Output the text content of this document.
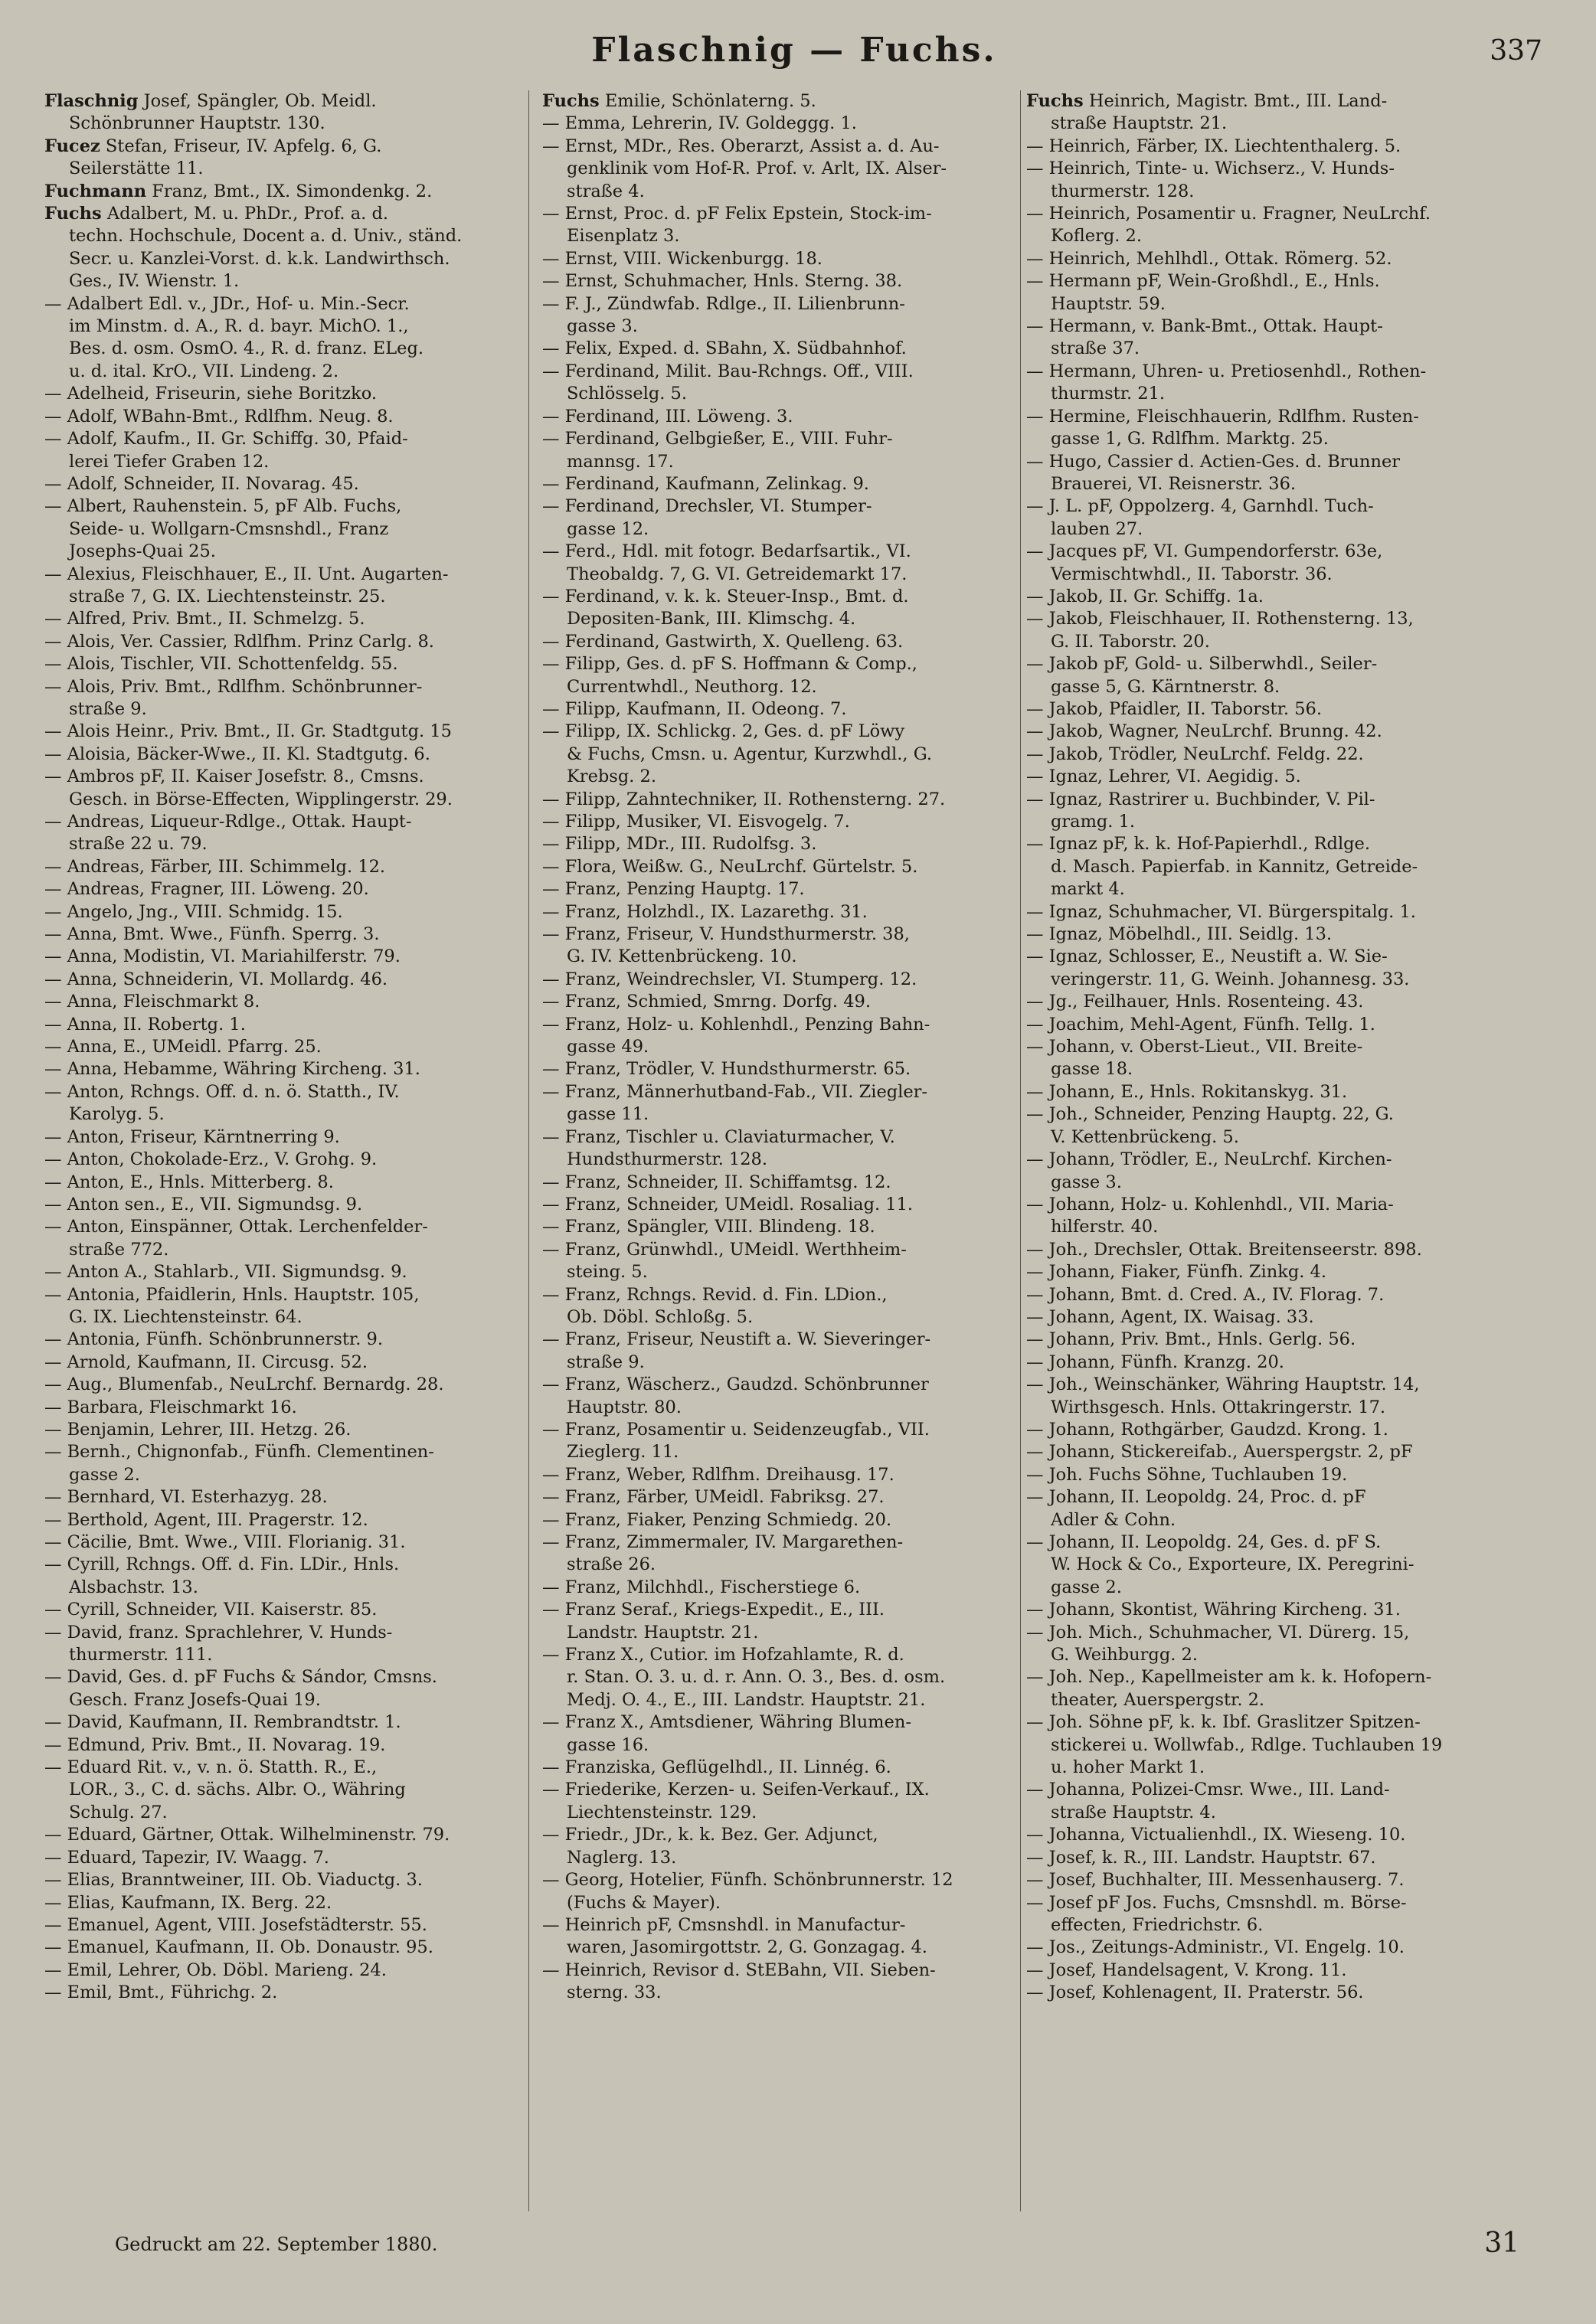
Flaschnig — Fuchs.	337
Flaschnig Josef, Spängler, Ob. Meidl.
Schönbrunner Hauptstr. 130.
Fucez Stefan, Friseur, IV. Apfelg. 6, G.
Seilerstätte 11.
Fuchmann Franz, Bmt., IX. Simondenkg. 2.
Fuchs Adalbert, M. u. PhDr., Prof. a. d.
techn. Hochschule, Docent a. d. Univ., ständ.
Secr. u. Kanzlei-Vorst. d. k.k. Landwirthsch.
Ges., IV. Wienstr. 1.
— Adalbert Edl. v., JDr., Hof- u. Min.-Secr.
im Minstm. d. A., R. d. bayr. MichO. 1.,
Bes. d. osm. OsmO. 4., R. d. franz. ELeg.
u. d. ital. KrO., VII. Lindeng. 2.
— Adelheid, Friseurin, siehe Boritzko.
— Adolf, WBahn-Bmt., Rdlfhm. Neug. 8.
— Adolf, Kaufm., II. Gr. Schiffg. 30, Pfaid-
lerei Tiefer Graben 12.
— Adolf, Schneider, II. Novarag. 45.
— Albert, Rauhenstein. 5, pF Alb. Fuchs,
Seide- u. Wollgarn-Cmsnshdl., Franz
Josephs-Quai 25.
— Alexius, Fleischhauer, E., II. Unt. Augarten-
straße 7, G. IX. Liechtensteinstr. 25.
— Alfred, Priv. Bmt., II. Schmelzg. 5.
— Alois, Ver. Cassier, Rdlfhm. Prinz Carlg. 8.
— Alois, Tischler, VII. Schottenfeldg. 55.
— Alois, Priv. Bmt., Rdlfhm. Schönbrunner-
straße 9.
— Alois Heinr., Priv. Bmt., II. Gr. Stadtgutg. 15
— Aloisia, Bäcker-Wwe., II. Kl. Stadtgutg. 6.
— Ambros pF, II. Kaiser Josefstr. 8., Cmsns.
Gesch. in Börse-Effecten, Wipplingerstr. 29.
— Andreas, Liqueur-Rdlge., Ottak. Haupt-
straße 22 u. 79.
— Andreas, Färber, III. Schimmelg. 12.
— Andreas, Fragner, III. Löweng. 20.
— Angelo, Jng., VIII. Schmidg. 15.
— Anna, Bmt. Wwe., Fünfh. Sperrg. 3.
— Anna, Modistin, VI. Mariahilferstr. 79.
— Anna, Schneiderin, VI. Mollardg. 46.
— Anna, Fleischmarkt 8.
— Anna, II. Robertg. 1.
— Anna, E., UMeidl. Pfarrg. 25.
— Anna, Hebamme, Währing Kircheng. 31.
— Anton, Rchngs. Off. d. n. ö. Statth., IV.
Karolyg. 5.
— Anton, Friseur, Kärntnerring 9.
— Anton, Chokolade-Erz., V. Grohg. 9.
— Anton, E., Hnls. Mitterberg. 8.
— Anton sen., E., VII. Sigmundsg. 9.
— Anton, Einspänner, Ottak. Lerchenfelder-
straße 772.
— Anton A., Stahlarb., VII. Sigmundsg. 9.
— Antonia, Pfaidlerin, Hnls. Hauptstr. 105,
G. IX. Liechtensteinstr. 64.
— Antonia, Fünfh. Schönbrunnerstr. 9.
— Arnold, Kaufmann, II. Circusg. 52.
— Aug., Blumenfab., NeuLrchf. Bernardg. 28.
— Barbara, Fleischmarkt 16.
— Benjamin, Lehrer, III. Hetzg. 26.
— Bernh., Chignonfab., Fünfh. Clementinen-
gasse 2.
— Bernhard, VI. Esterhazyg. 28.
— Berthold, Agent, III. Pragerstr. 12.
— Cäcilie, Bmt. Wwe., VIII. Florianig. 31.
— Cyrill, Rchngs. Off. d. Fin. LDir., Hnls.
Alsbachstr. 13.
— Cyrill, Schneider, VII. Kaiserstr. 85.
— David, franz. Sprachlehrer, V. Hunds-
thurmerstr. 111.
— David, Ges. d. pF Fuchs & Sándor, Cmsns.
Gesch. Franz Josefs-Quai 19.
— David, Kaufmann, II. Rembrandtstr. 1.
— Edmund, Priv. Bmt., II. Novarag. 19.
— Eduard Rit. v., v. n. ö. Statth. R., E.,
LOR., 3., C. d. sächs. Albr. O., Währing
Schulg. 27.
— Eduard, Gärtner, Ottak. Wilhelminenstr. 79.
— Eduard, Tapezir, IV. Waagg. 7.
— Elias, Branntweiner, III. Ob. Viaductg. 3.
— Elias, Kaufmann, IX. Berg. 22.
— Emanuel, Agent, VIII. Josefstädterstr. 55.
— Emanuel, Kaufmann, II. Ob. Donaustr. 95.
— Emil, Lehrer, Ob. Döbl. Marieng. 24.
— Emil, Bmt., Führichg. 2.
Fuchs Emilie, Schönlaterng. 5.
— Emma, Lehrerin, IV. Goldeggg. 1.
— Ernst, MDr., Res. Oberarzt, Assist a. d. Au-
genklinik vom Hof-R. Prof. v. Arlt, IX. Alser-
straße 4.
— Ernst, Proc. d. pF Felix Epstein, Stock-im-
Eisenplatz 3.
— Ernst, VIII. Wickenburgg. 18.
— Ernst, Schuhmacher, Hnls. Sterng. 38.
— F. J., Zündwfab. Rdlge., II. Lilienbrunn-
gasse 3.
— Felix, Exped. d. SBahn, X. Südbahnhof.
— Ferdinand, Milit. Bau-Rchngs. Off., VIII.
Schlösselg. 5.
— Ferdinand, III. Löweng. 3.
— Ferdinand, Gelbgießer, E., VIII. Fuhr-
mannsg. 17.
— Ferdinand, Kaufmann, Zelinkag. 9.
— Ferdinand, Drechsler, VI. Stumper-
gasse 12.
— Ferd., Hdl. mit fotogr. Bedarfsartik., VI.
Theobaldg. 7, G. VI. Getreidemarkt 17.
— Ferdinand, v. k. k. Steuer-Insp., Bmt. d.
Depositen-Bank, III. Klimschg. 4.
— Ferdinand, Gastwirth, X. Quelleng. 63.
— Filipp, Ges. d. pF S. Hoffmann & Comp.,
Currentwhdl., Neuthorg. 12.
— Filipp, Kaufmann, II. Odeong. 7.
— Filipp, IX. Schlickg. 2, Ges. d. pF Löwy
& Fuchs, Cmsn. u. Agentur, Kurzwhdl., G.
Krebsg. 2.
— Filipp, Zahntechniker, II. Rothensterng. 27.
— Filipp, Musiker, VI. Eisvogelg. 7.
— Filipp, MDr., III. Rudolfsg. 3.
— Flora, Weißw. G., NeuLrchf. Gürtelstr. 5.
— Franz, Penzing Hauptg. 17.
— Franz, Holzhdl., IX. Lazarethg. 31.
— Franz, Friseur, V. Hundsthurmerstr. 38,
G. IV. Kettenbrückeng. 10.
— Franz, Weindrechsler, VI. Stumperg. 12.
— Franz, Schmied, Smrng. Dorfg. 49.
— Franz, Holz- u. Kohlenhdl., Penzing Bahn-
gasse 49.
— Franz, Trödler, V. Hundsthurmerstr. 65.
— Franz, Männerhutband-Fab., VII. Ziegler-
gasse 11.
— Franz, Tischler u. Claviaturmacher, V.
Hundsthurmerstr. 128.
— Franz, Schneider, II. Schiffamtsg. 12.
— Franz, Schneider, UMeidl. Rosaliag. 11.
— Franz, Spängler, VIII. Blindeng. 18.
— Franz, Grünwhdl., UMeidl. Werthheim-
steing. 5.
— Franz, Rchngs. Revid. d. Fin. LDion.,
Ob. Döbl. Schloßg. 5.
— Franz, Friseur, Neustift a. W. Sieveringer-
straße 9.
— Franz, Wäscherz., Gaudzd. Schönbrunner
Hauptstr. 80.
— Franz, Posamentir u. Seidenzeugfab., VII.
Zieglerg. 11.
— Franz, Weber, Rdlfhm. Dreihausg. 17.
— Franz, Färber, UMeidl. Fabriksg. 27.
— Franz, Fiaker, Penzing Schmiedg. 20.
— Franz, Zimmermaler, IV. Margarethen-
straße 26.
— Franz, Milchhdl., Fischerstiege 6.
— Franz Seraf., Kriegs-Expedit., E., III.
Landstr. Hauptstr. 21.
— Franz X., Cutior. im Hofzahlamte, R. d.
r. Stan. O. 3. u. d. r. Ann. O. 3., Bes. d. osm.
Medj. O. 4., E., III. Landstr. Hauptstr. 21.
— Franz X., Amtsdiener, Währing Blumen-
gasse 16.
— Franziska, Geflügelhdl., II. Linnég. 6.
— Friederike, Kerzen- u. Seifen-Verkauf., IX.
Liechtensteinstr. 129.
— Friedr., JDr., k. k. Bez. Ger. Adjunct,
Naglerg. 13.
— Georg, Hotelier, Fünfh. Schönbrunnerstr. 12
(Fuchs & Mayer).
— Heinrich pF, Cmsnshdl. in Manufactur-
waren, Jasomirgottstr. 2, G. Gonzagag. 4.
— Heinrich, Revisor d. StEBahn, VII. Sieben-
sterng. 33.
Fuchs Heinrich, Magistr. Bmt., III. Land-
straße Hauptstr. 21.
— Heinrich, Färber, IX. Liechtenthalerg. 5.
— Heinrich, Tinte- u. Wichserz., V. Hunds-
thurmerstr. 128.
— Heinrich, Posamentir u. Fragner, NeuLrchf.
Koflerg. 2.
— Heinrich, Mehlhdl., Ottak. Römerg. 52.
— Hermann pF, Wein-Großhdl., E., Hnls.
Hauptstr. 59.
— Hermann, v. Bank-Bmt., Ottak. Haupt-
straße 37.
— Hermann, Uhren- u. Pretiosenhdl., Rothen-
thurmstr. 21.
— Hermine, Fleischhauerin, Rdlfhm. Rusten-
gasse 1, G. Rdlfhm. Marktg. 25.
— Hugo, Cassier d. Actien-Ges. d. Brunner
Brauerei, VI. Reisnerstr. 36.
— J. L. pF, Oppolzerg. 4, Garnhdl. Tuch-
lauben 27.
— Jacques pF, VI. Gumpendorferstr. 63e,
Vermischtwhdl., II. Taborstr. 36.
— Jakob, II. Gr. Schiffg. 1a.
— Jakob, Fleischhauer, II. Rothensterng. 13,
G. II. Taborstr. 20.
— Jakob pF, Gold- u. Silberwhdl., Seiler-
gasse 5, G. Kärntnerstr. 8.
— Jakob, Pfaidler, II. Taborstr. 56.
— Jakob, Wagner, NeuLrchf. Brunng. 42.
— Jakob, Trödler, NeuLrchf. Feldg. 22.
— Ignaz, Lehrer, VI. Aegidig. 5.
— Ignaz, Rastrirer u. Buchbinder, V. Pil-
gramg. 1.
— Ignaz pF, k. k. Hof-Papierhdl., Rdlge.
d. Masch. Papierfab. in Kannitz, Getreide-
markt 4.
— Ignaz, Schuhmacher, VI. Bürgerspitalg. 1.
— Ignaz, Möbelhdl., III. Seidlg. 13.
— Ignaz, Schlosser, E., Neustift a. W. Sie-
veringerstr. 11, G. Weinh. Johannesg. 33.
— Jg., Feilhauer, Hnls. Rosenteing. 43.
— Joachim, Mehl-Agent, Fünfh. Tellg. 1.
— Johann, v. Oberst-Lieut., VII. Breite-
gasse 18.
— Johann, E., Hnls. Rokitanskyg. 31.
— Joh., Schneider, Penzing Hauptg. 22, G.
V. Kettenbrückeng. 5.
— Johann, Trödler, E., NeuLrchf. Kirchen-
gasse 3.
— Johann, Holz- u. Kohlenhdl., VII. Maria-
hilferstr. 40.
— Joh., Drechsler, Ottak. Breitenseerstr. 898.
— Johann, Fiaker, Fünfh. Zinkg. 4.
— Johann, Bmt. d. Cred. A., IV. Florag. 7.
— Johann, Agent, IX. Waisag. 33.
— Johann, Priv. Bmt., Hnls. Gerlg. 56.
— Johann, Fünfh. Kranzg. 20.
— Joh., Weinschänker, Währing Hauptstr. 14,
Wirthsgesch. Hnls. Ottakringerstr. 17.
— Johann, Rothgärber, Gaudzd. Krong. 1.
— Johann, Stickereifab., Auerspergstr. 2, pF
— Joh. Fuchs Söhne, Tuchlauben 19.
— Johann, II. Leopoldg. 24, Proc. d. pF
Adler & Cohn.
— Johann, II. Leopoldg. 24, Ges. d. pF S.
W. Hock & Co., Exporteure, IX. Peregrini-
gasse 2.
— Johann, Skontist, Währing Kircheng. 31.
— Joh. Mich., Schuhmacher, VI. Dürerg. 15,
G. Weihburgg. 2.
— Joh. Nep., Kapellmeister am k. k. Hofopern-
theater, Auerspergstr. 2.
— Joh. Söhne pF, k. k. Ibf. Graslitzer Spitzen-
stickerei u. Wollwfab., Rdlge. Tuchlauben 19
u. hoher Markt 1.
— Johanna, Polizei-Cmsr. Wwe., III. Land-
straße Hauptstr. 4.
— Johanna, Victualienhdl., IX. Wieseng. 10.
— Josef, k. R., III. Landstr. Hauptstr. 67.
— Josef, Buchhalter, III. Messenhauserg. 7.
— Josef pF Jos. Fuchs, Cmsnshdl. m. Börse-
effecten, Friedrichstr. 6.
— Jos., Zeitungs-Administr., VI. Engelg. 10.
— Josef, Handelsagent, V. Krong. 11.
— Josef, Kohlenagent, II. Praterstr. 56.
Gedruckt am 22. September 1880.	31
